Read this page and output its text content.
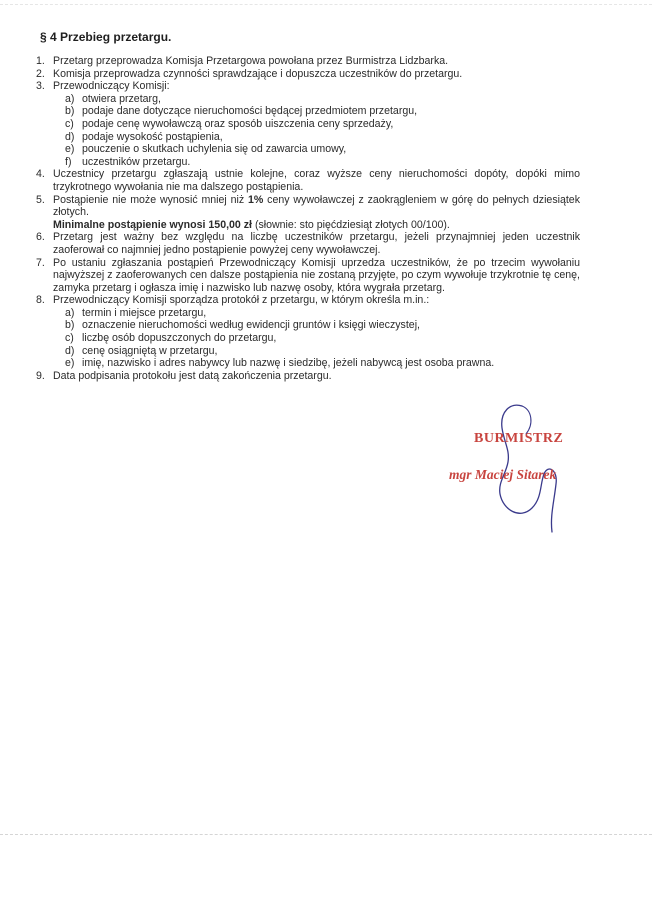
§ 4 Przebieg przetargu.
1. Przetarg przeprowadza Komisja Przetargowa powołana przez Burmistrza Lidzbarka.
2. Komisja przeprowadza czynności sprawdzające i dopuszcza uczestników do przetargu.
3. Przewodniczący Komisji:
a) otwiera przetarg,
b) podaje dane dotyczące nieruchomości będącej przedmiotem przetargu,
c) podaje cenę wywoławczą oraz sposób uiszczenia ceny sprzedaży,
d) podaje wysokość postąpienia,
e) pouczenie o skutkach uchylenia się od zawarcia umowy,
f) uczestników przetargu.
4. Uczestnicy przetargu zgłaszają ustnie kolejne, coraz wyższe ceny nieruchomości dopóty, dopóki mimo trzykrotnego wywołania nie ma dalszego postąpienia.
5. Postąpienie nie może wynosić mniej niż 1% ceny wywoławczej z zaokrągleniem w górę do pełnych dziesiątek złotych.
Minimalne postąpienie wynosi 150,00 zł (słownie: sto pięćdziesiąt złotych 00/100).
6. Przetarg jest ważny bez względu na liczbę uczestników przetargu, jeżeli przynajmniej jeden uczestnik zaoferował co najmniej jedno postąpienie powyżej ceny wywoławczej.
7. Po ustaniu zgłaszania postąpień Przewodniczący Komisji uprzedza uczestników, że po trzecim wywołaniu najwyższej z zaoferowanych cen dalsze postąpienia nie zostaną przyjęte, po czym wywołuje trzykrotnie tę cenę, zamyka przetarg i ogłasza imię i nazwisko lub nazwę osoby, która wygrała przetarg.
8. Przewodniczący Komisji sporządza protokół z przetargu, w którym określa m.in.:
a) termin i miejsce przetargu,
b) oznaczenie nieruchomości według ewidencji gruntów i księgi wieczystej,
c) liczbę osób dopuszczonych do przetargu,
d) cenę osiągniętą w przetargu,
e) imię, nazwisko i adres nabywcy lub nazwę i siedzibę, jeżeli nabywcą jest osoba prawna.
9. Data podpisania protokołu jest datą zakończenia przetargu.
BURMISTRZ
mgr Maciej Sitarek
